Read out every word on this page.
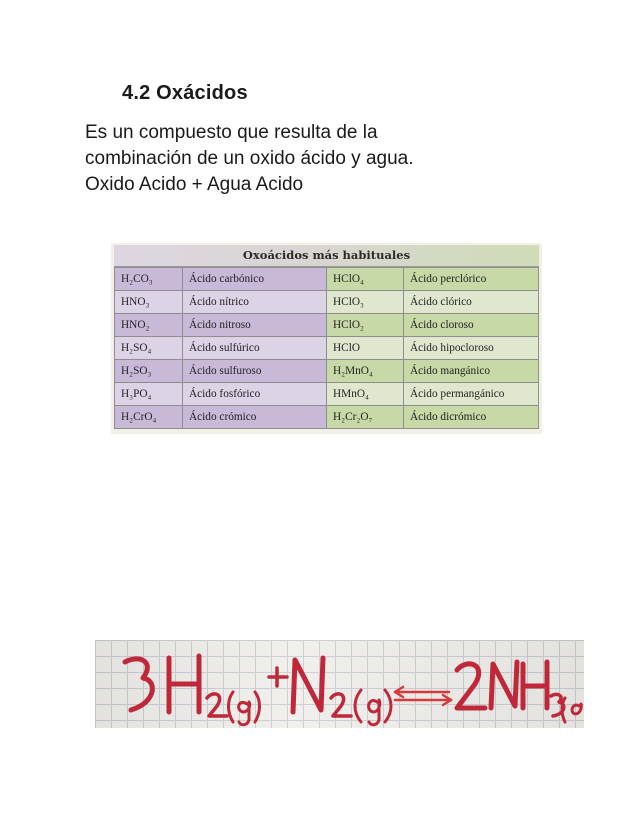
4.2 Oxácidos
Es un compuesto que resulta de la
combinación de un oxido ácido y agua.
Oxido Acido + Agua Acido
Oxoácidos más habituales
H₂CO₃	Ácido carbónico	HClO₄	Ácido perclórico
HNO₃	Ácido nítrico	HClO₃	Ácido clórico
HNO₂	Ácido nitroso	HClO₂	Ácido cloroso
H₂SO₄	Ácido sulfúrico	HClO	Ácido hipocloroso
H₂SO₃	Ácido sulfuroso	H₂MnO₄	Ácido mangánico
H₃PO₄	Ácido fosfórico	HMnO₄	Ácido permangánico
H₂CrO₄	Ácido crómico	H₂Cr₂O₇	Ácido dicrómico
